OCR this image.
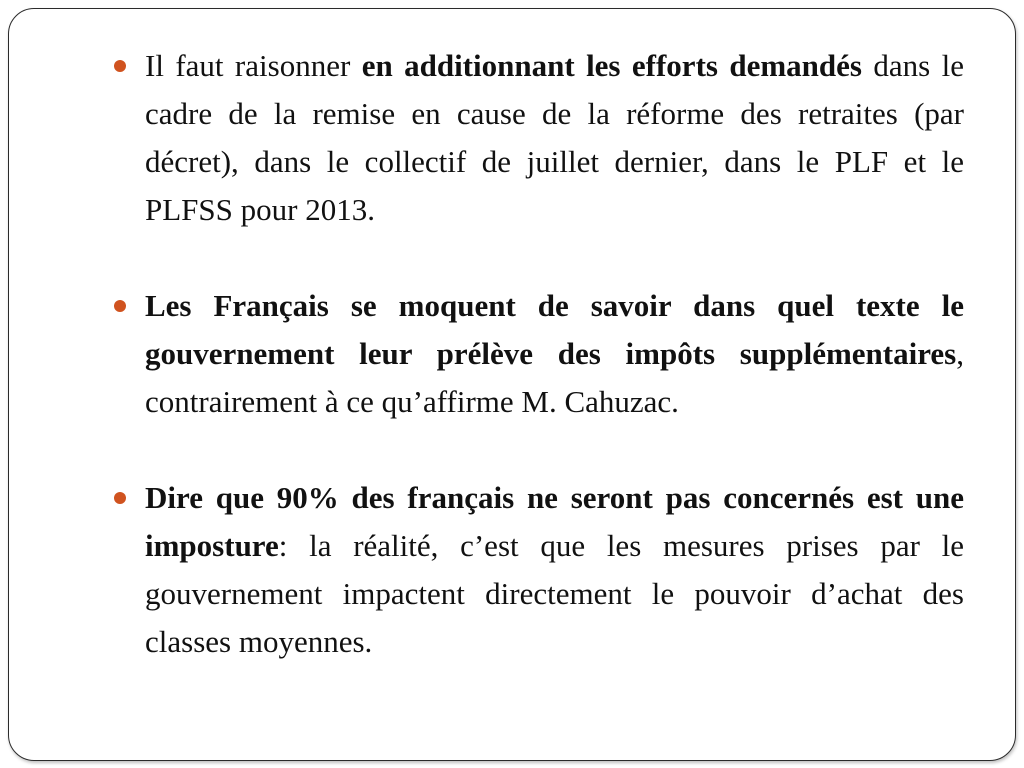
Il faut raisonner en additionnant les efforts demandés dans le cadre de la remise en cause de la réforme des retraites (par décret), dans le collectif de juillet dernier, dans le PLF et le PLFSS pour 2013.
Les Français se moquent de savoir dans quel texte le gouvernement leur prélève des impôts supplémentaires, contrairement à ce qu’affirme M. Cahuzac.
Dire que 90% des français ne seront pas concernés est une imposture: la réalité, c’est que les mesures prises par le gouvernement impactent directement le pouvoir d’achat des classes moyennes.
